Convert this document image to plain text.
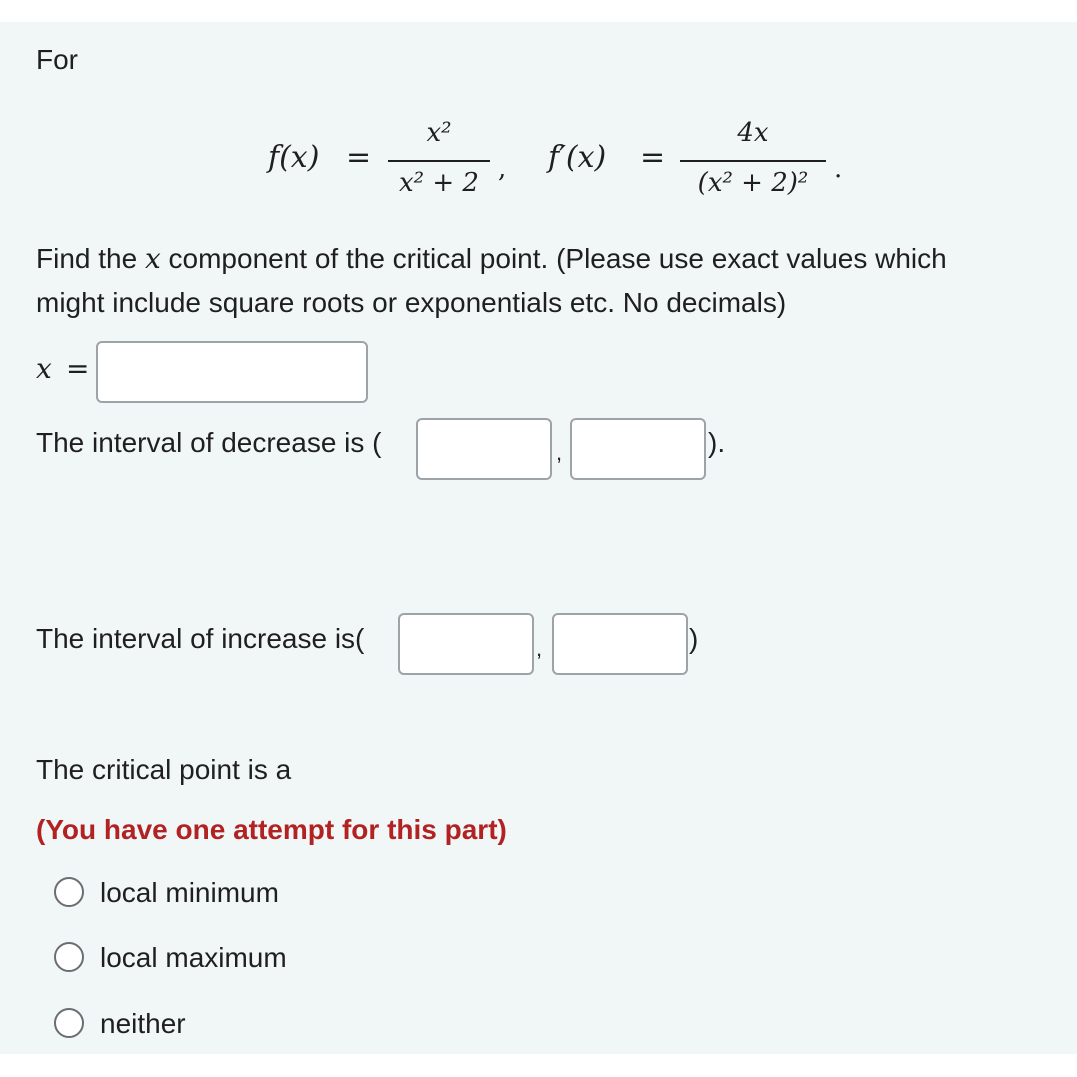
For
f(x) =
x²
x² + 2 , f′(x) =
4x
(x² + 2)² .
Find the x component of the critical point. (Please use exact values which
might include square roots or exponentials etc. No decimals)
x =
The interval of decrease is (	,	).
The interval of increase is(	,	)
The critical point is a
(You have one attempt for this part)
local minimum
local maximum
neither
